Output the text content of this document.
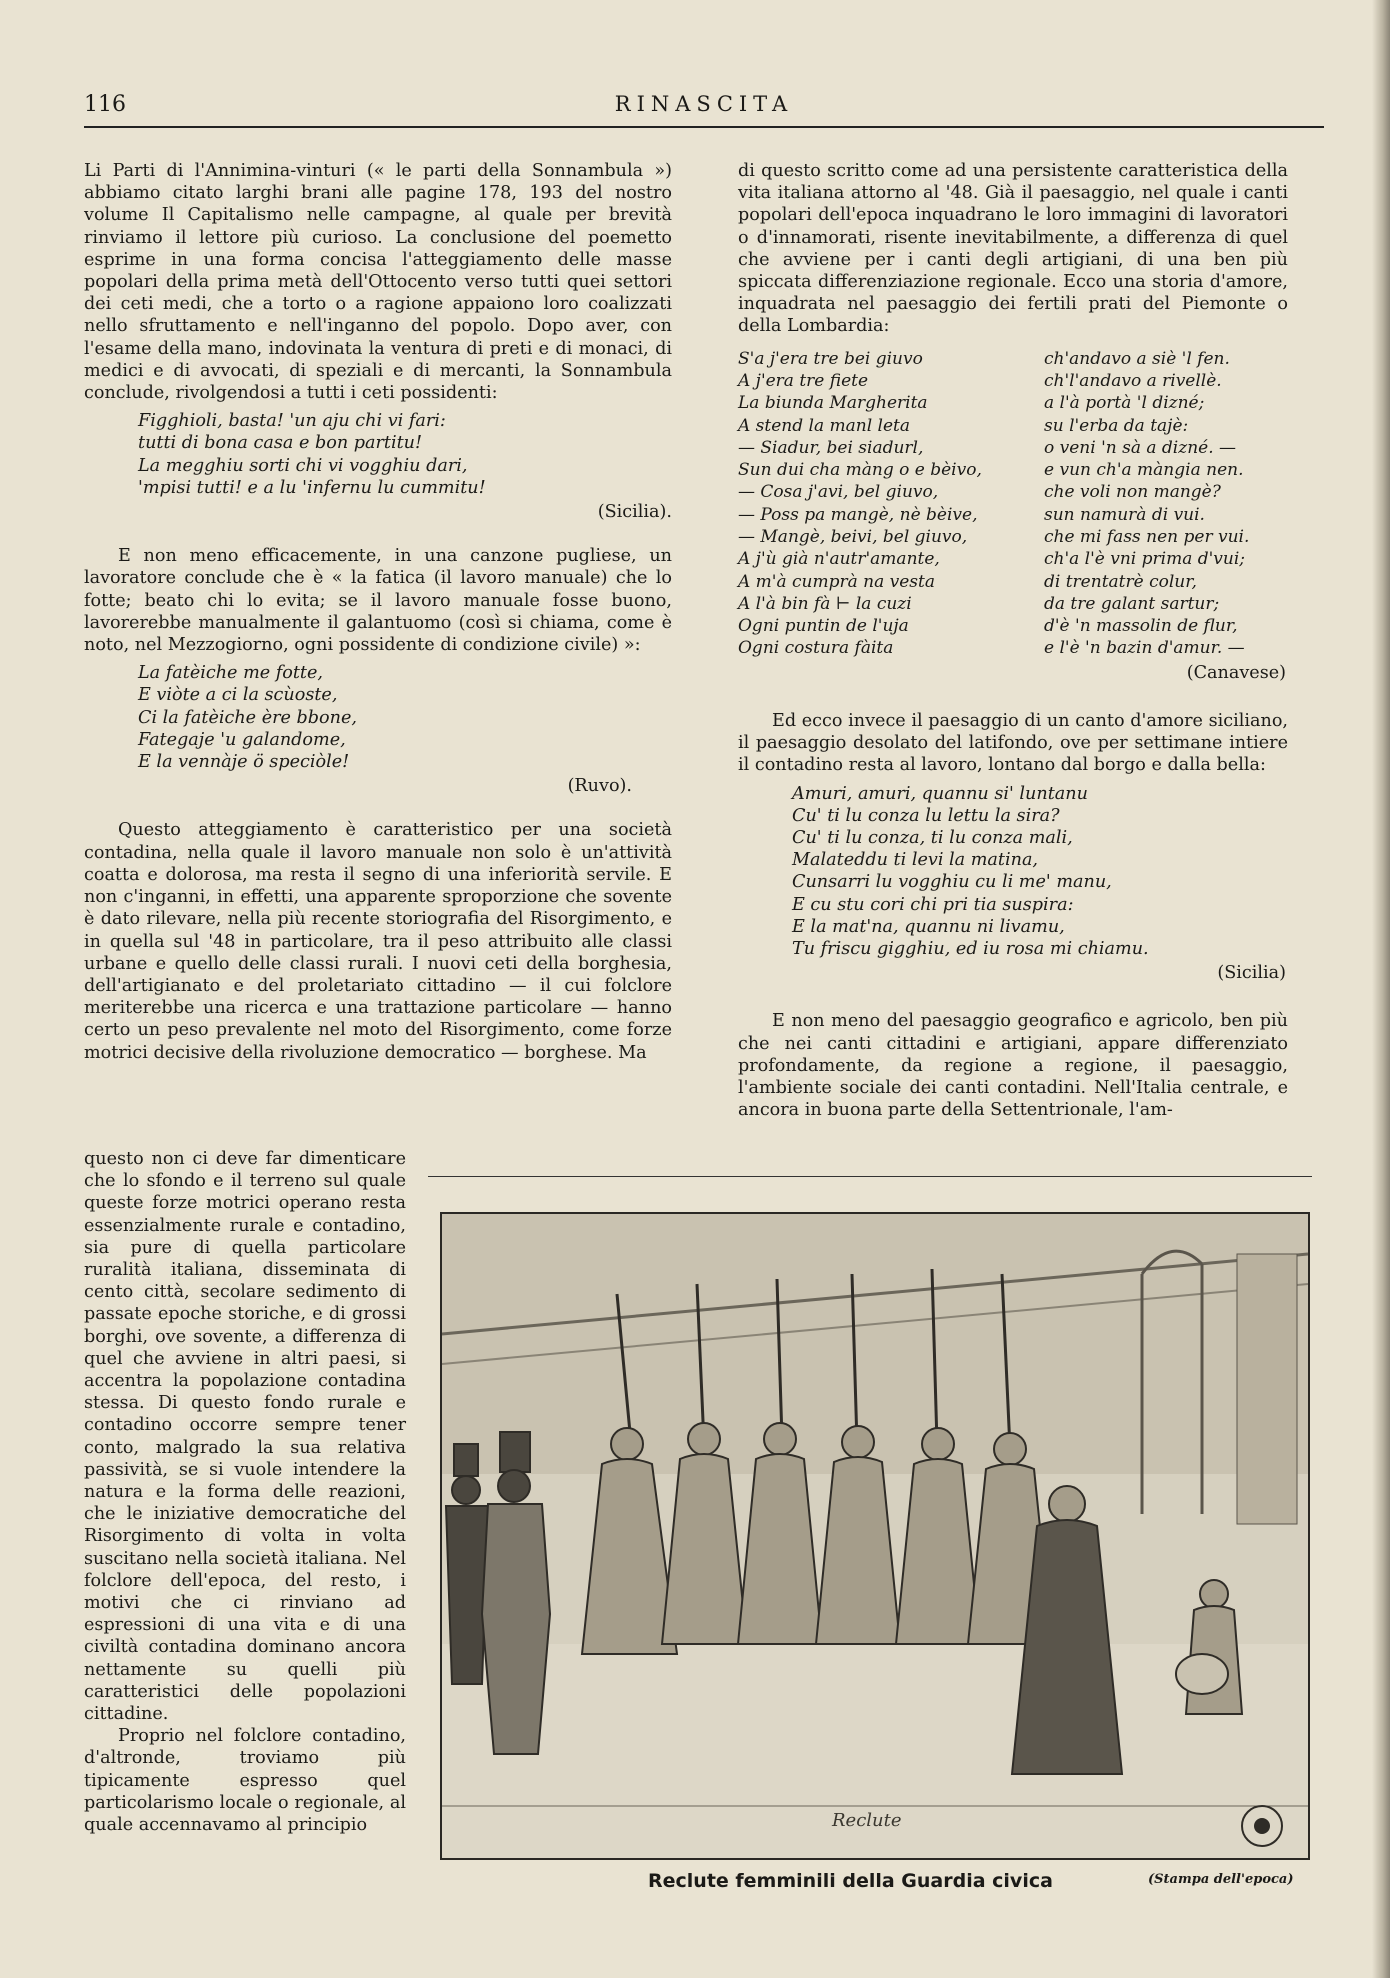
RINASCITA
116

Li Parti di l'Annimina-vinturi (« le parti della Sonnambula ») abbiamo citato larghi brani alle pagine 178, 193 del nostro volume Il Capitalismo nelle campagne, al quale per brevità rinviamo il lettore più curioso. La conclusione del poemetto esprime in una forma concisa l'atteggiamento delle masse popolari della prima metà dell'Ottocento verso tutti quei settori dei ceti medi, che a torto o a ragione appaiono loro coalizzati nello sfruttamento e nell'inganno del popolo. Dopo aver, con l'esame della mano, indovinata la ventura di preti e di monaci, di medici e di avvocati, di speziali e di mercanti, la Sonnambula conclude, rivolgendosi a tutti i ceti possidenti:

Figghioli, basta! 'un aju chi vi fari:
tutti di bona casa e bon partitu!
La megghiu sorti chi vi vogghiu dari,
'mpisi tutti! e a lu 'infernu lu cummitu!
(Sicilia).

E non meno efficacemente, in una canzone pugliese, un lavoratore conclude che è « la fatica (il lavoro manuale) che lo fotte; beato chi lo evita; se il lavoro manuale fosse buono, lavorerebbe manualmente il galantuomo (così si chiama, come è noto, nel Mezzogiorno, ogni possidente di condizione civile) »:

La fatèiche me fotte,
E viòte a ci la scùoste,
Ci la fatèiche ère bbone,
Fategaje 'u galandome,
E la vennàje ö speciòle!
(Ruvo).

Questo atteggiamento è caratteristico per una società contadina, nella quale il lavoro manuale non solo è un'attività coatta e dolorosa, ma resta il segno di una inferiorità servile. E non c'inganni, in effetti, una apparente sproporzione che sovente è dato rilevare, nella più recente storiografia del Risorgimento, e in quella sul '48 in particolare, tra il peso attribuito alle classi urbane e quello delle classi rurali. I nuovi ceti della borghesia, dell'artigianato e del proletariato cittadino — il cui folclore meriterebbe una ricerca e una trattazione particolare — hanno certo un peso prevalente nel moto del Risorgimento, come forze motrici decisive della rivoluzione democratico — borghese. Ma

questo non ci deve far dimenticare che lo sfondo e il terreno sul quale queste forze motrici operano resta essenzialmente rurale e contadino, sia pure di quella particolare ruralità italiana, disseminata di cento città, secolare sedimento di passate epoche storiche, e di grossi borghi, ove sovente, a differenza di quel che avviene in altri paesi, si accentra la popolazione contadina stessa. Di questo fondo rurale e contadino occorre sempre tener conto, malgrado la sua relativa passività, se si vuole intendere la natura e la forma delle reazioni, che le iniziative democratiche del Risorgimento di volta in volta suscitano nella società italiana. Nel folclore dell'epoca, del resto, i motivi che ci rinviano ad espressioni di una vita e di una civiltà contadina dominano ancora nettamente su quelli più caratteristici delle popolazioni cittadine.

Proprio nel folclore contadino, d'altronde, troviamo più tipicamente espresso quel particolarismo locale o regionale, al quale accennavamo al principio

di questo scritto come ad una persistente caratteristica della vita italiana attorno al '48. Già il paesaggio, nel quale i canti popolari dell'epoca inquadrano le loro immagini di lavoratori o d'innamorati, risente inevitabilmente, a differenza di quel che avviene per i canti degli artigiani, di una ben più spiccata differenziazione regionale. Ecco una storia d'amore, inquadrata nel paesaggio dei fertili prati del Piemonte o della Lombardia:

S'a j'era tre bei giuvo
A j'era tre fiete
La biunda Margherita
A stend la manl leta
— Siadur, bei siadurl,
Sun dui cha màng o e bèivo,
— Cosa j'avi, bel giuvo,
— Poss pa mangè, nè bèive,
— Mangè, beivi, bel giuvo,
A j'ù già n'autr'amante,
A m'à cumprà na vesta
A l'à bin fà ⊢ la cuzi
Ogni puntin de l'uja
Ogni costura fàita
ch'andavo a siè 'l fen.
ch'l'andavo a rivellè.
a l'à portà 'l dizné;
su l'erba da tajè:
o veni 'n sà a dizné. —
e vun ch'a màngia nen.
che voli non mangè?
sun namurà di vui.
che mi fass nen per vui.
ch'a l'è vni prima d'vui;
di trentatrè colur,
da tre galant sartur;
d'è 'n massolin de flur,
e l'è 'n bazin d'amur. —
(Canavese)

Ed ecco invece il paesaggio di un canto d'amore siciliano, il paesaggio desolato del latifondo, ove per settimane intiere il contadino resta al lavoro, lontano dal borgo e dalla bella:

Amuri, amuri, quannu si' luntanu
Cu' ti lu conza lu lettu la sira?
Cu' ti lu conza, ti lu conza mali,
Malateddu ti levi la matina,
Cunsarri lu vogghiu cu li me' manu,
E cu stu cori chi pri tia suspira:
E la mat'na, quannu ni livamu,
Tu friscu gigghiu, ed iu rosa mi chiamu.
(Sicilia)

E non meno del paesaggio geografico e agricolo, ben più che nei canti cittadini e artigiani, appare differenziato profondamente, da regione a regione, il paesaggio, l'ambiente sociale dei canti contadini. Nell'Italia centrale, e ancora in buona parte della Settentrionale, l'am-

Reclute
Reclute femminili della Guardia civica	(Stampa dell'epoca)
